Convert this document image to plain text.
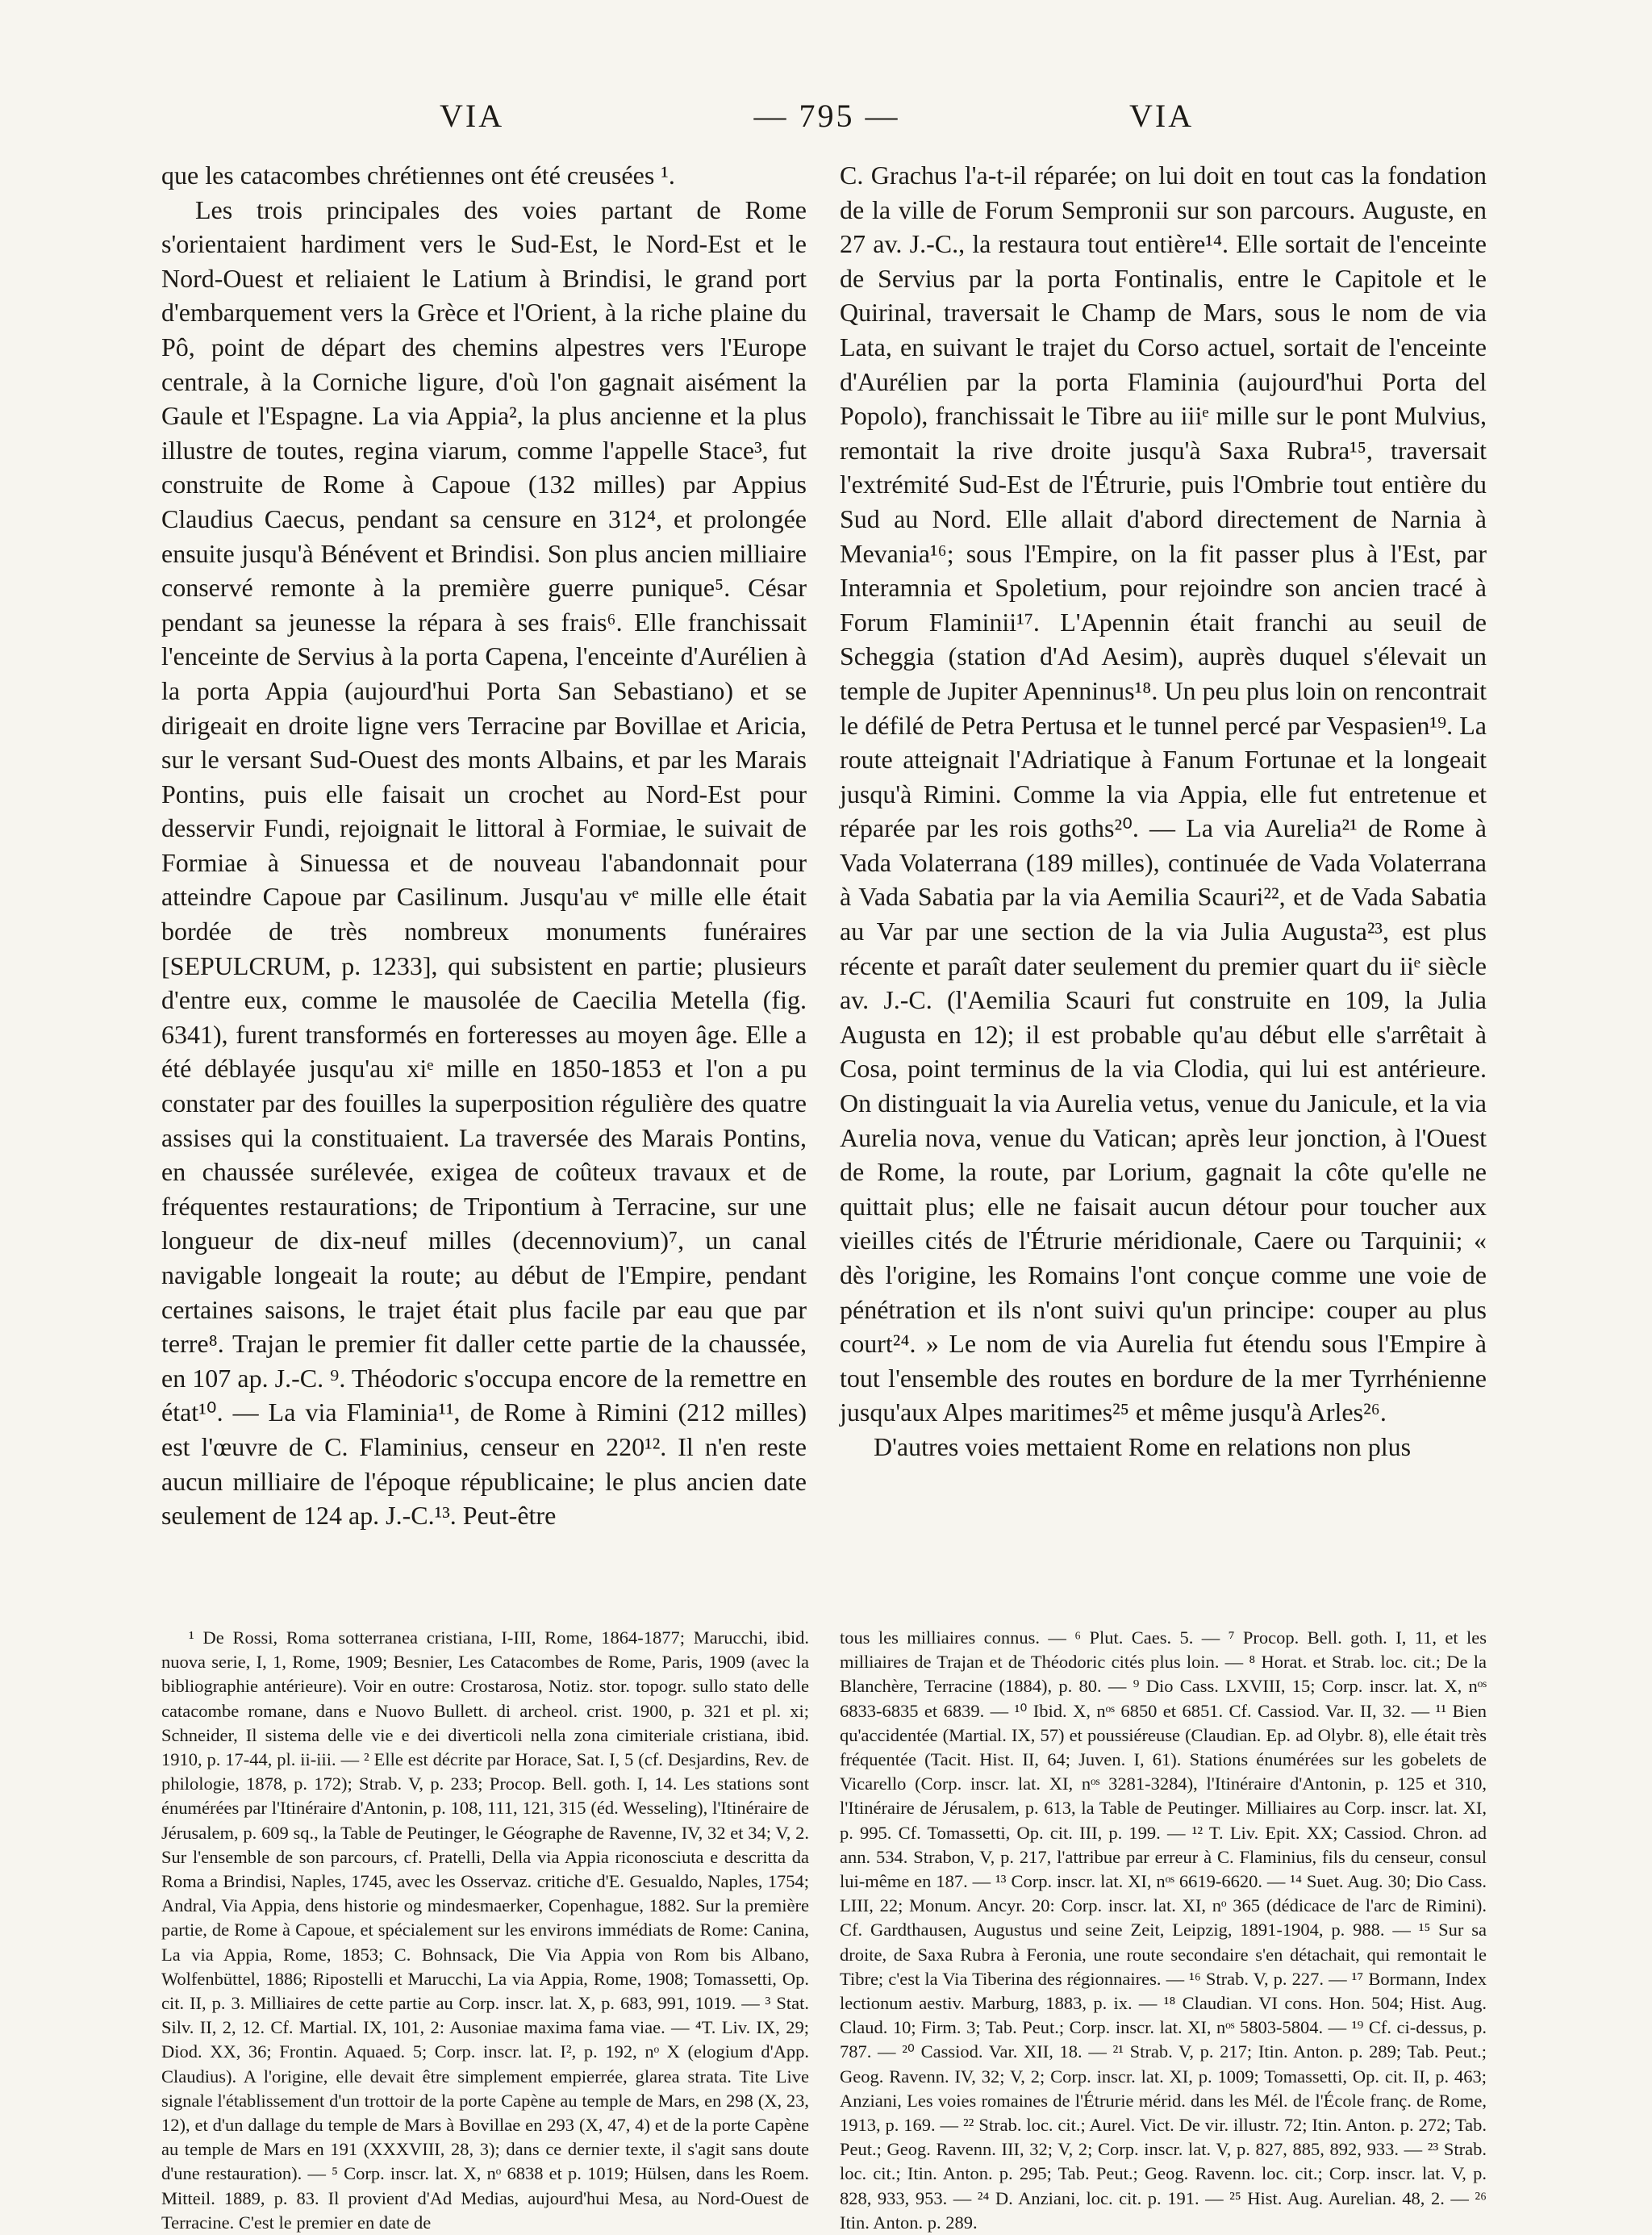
VIA	— 795 —	VIA

que les catacombes chrétiennes ont été creusées ¹.

Les trois principales des voies partant de Rome s'orientaient hardiment vers le Sud-Est, le Nord-Est et le Nord-Ouest et reliaient le Latium à Brindisi, le grand port d'embarquement vers la Grèce et l'Orient, à la riche plaine du Pô, point de départ des chemins alpestres vers l'Europe centrale, à la Corniche ligure, d'où l'on gagnait aisément la Gaule et l'Espagne. La via Appia², la plus ancienne et la plus illustre de toutes, regina viarum, comme l'appelle Stace³, fut construite de Rome à Capoue (132 milles) par Appius Claudius Caecus, pendant sa censure en 312⁴, et prolongée ensuite jusqu'à Bénévent et Brindisi. Son plus ancien milliaire conservé remonte à la première guerre punique⁵. César pendant sa jeunesse la répara à ses frais⁶. Elle franchissait l'enceinte de Servius à la porta Capena, l'enceinte d'Aurélien à la porta Appia (aujourd'hui Porta San Sebastiano) et se dirigeait en droite ligne vers Terracine par Bovillae et Aricia, sur le versant Sud-Ouest des monts Albains, et par les Marais Pontins, puis elle faisait un crochet au Nord-Est pour desservir Fundi, rejoignait le littoral à Formiae, le suivait de Formiae à Sinuessa et de nouveau l'abandonnait pour atteindre Capoue par Casilinum. Jusqu'au vᵉ mille elle était bordée de très nombreux monuments funéraires [SEPULCRUM, p. 1233], qui subsistent en partie; plusieurs d'entre eux, comme le mausolée de Caecilia Metella (fig. 6341), furent transformés en forteresses au moyen âge. Elle a été déblayée jusqu'au xiᵉ mille en 1850-1853 et l'on a pu constater par des fouilles la superposition régulière des quatre assises qui la constituaient. La traversée des Marais Pontins, en chaussée surélevée, exigea de coûteux travaux et de fréquentes restaurations; de Tripontium à Terracine, sur une longueur de dix-neuf milles (decennovium)⁷, un canal navigable longeait la route; au début de l'Empire, pendant certaines saisons, le trajet était plus facile par eau que par terre⁸. Trajan le premier fit daller cette partie de la chaussée, en 107 ap. J.-C. ⁹. Théodoric s'occupa encore de la remettre en état¹⁰. — La via Flaminia¹¹, de Rome à Rimini (212 milles) est l'œuvre de C. Flaminius, censeur en 220¹². Il n'en reste aucun milliaire de l'époque républicaine; le plus ancien date seulement de 124 ap. J.-C.¹³. Peut-être

C. Grachus l'a-t-il réparée; on lui doit en tout cas la fondation de la ville de Forum Sempronii sur son parcours. Auguste, en 27 av. J.-C., la restaura tout entière¹⁴. Elle sortait de l'enceinte de Servius par la porta Fontinalis, entre le Capitole et le Quirinal, traversait le Champ de Mars, sous le nom de via Lata, en suivant le trajet du Corso actuel, sortait de l'enceinte d'Aurélien par la porta Flaminia (aujourd'hui Porta del Popolo), franchissait le Tibre au iiiᵉ mille sur le pont Mulvius, remontait la rive droite jusqu'à Saxa Rubra¹⁵, traversait l'extrémité Sud-Est de l'Étrurie, puis l'Ombrie tout entière du Sud au Nord. Elle allait d'abord directement de Narnia à Mevania¹⁶; sous l'Empire, on la fit passer plus à l'Est, par Interamnia et Spoletium, pour rejoindre son ancien tracé à Forum Flaminii¹⁷. L'Apennin était franchi au seuil de Scheggia (station d'Ad Aesim), auprès duquel s'élevait un temple de Jupiter Apenninus¹⁸. Un peu plus loin on rencontrait le défilé de Petra Pertusa et le tunnel percé par Vespasien¹⁹. La route atteignait l'Adriatique à Fanum Fortunae et la longeait jusqu'à Rimini. Comme la via Appia, elle fut entretenue et réparée par les rois goths²⁰. — La via Aurelia²¹ de Rome à Vada Volaterrana (189 milles), continuée de Vada Volaterrana à Vada Sabatia par la via Aemilia Scauri²², et de Vada Sabatia au Var par une section de la via Julia Augusta²³, est plus récente et paraît dater seulement du premier quart du iiᵉ siècle av. J.-C. (l'Aemilia Scauri fut construite en 109, la Julia Augusta en 12); il est probable qu'au début elle s'arrêtait à Cosa, point terminus de la via Clodia, qui lui est antérieure. On distinguait la via Aurelia vetus, venue du Janicule, et la via Aurelia nova, venue du Vatican; après leur jonction, à l'Ouest de Rome, la route, par Lorium, gagnait la côte qu'elle ne quittait plus; elle ne faisait aucun détour pour toucher aux vieilles cités de l'Étrurie méridionale, Caere ou Tarquinii; « dès l'origine, les Romains l'ont conçue comme une voie de pénétration et ils n'ont suivi qu'un principe: couper au plus court²⁴. » Le nom de via Aurelia fut étendu sous l'Empire à tout l'ensemble des routes en bordure de la mer Tyrrhénienne jusqu'aux Alpes maritimes²⁵ et même jusqu'à Arles²⁶.

D'autres voies mettaient Rome en relations non plus

¹ De Rossi, Roma sotterranea cristiana, I-III, Rome, 1864-1877; Marucchi, ibid. nuova serie, I, 1, Rome, 1909; Besnier, Les Catacombes de Rome, Paris, 1909 (avec la bibliographie antérieure). Voir en outre: Crostarosa, Notiz. stor. topogr. sullo stato delle catacombe romane, dans e Nuovo Bullett. di archeol. crist. 1900, p. 321 et pl. xi; Schneider, Il sistema delle vie e dei diverticoli nella zona cimiteriale cristiana, ibid. 1910, p. 17-44, pl. ii-iii. — ² Elle est décrite par Horace, Sat. I, 5 (cf. Desjardins, Rev. de philologie, 1878, p. 172); Strab. V, p. 233; Procop. Bell. goth. I, 14. Les stations sont énumérées par l'Itinéraire d'Antonin, p. 108, 111, 121, 315 (éd. Wesseling), l'Itinéraire de Jérusalem, p. 609 sq., la Table de Peutinger, le Géographe de Ravenne, IV, 32 et 34; V, 2. Sur l'ensemble de son parcours, cf. Pratelli, Della via Appia riconosciuta e descritta da Roma a Brindisi, Naples, 1745, avec les Osservaz. critiche d'E. Gesualdo, Naples, 1754; Andral, Via Appia, dens historie og mindesmaerker, Copenhague, 1882. Sur la première partie, de Rome à Capoue, et spécialement sur les environs immédiats de Rome: Canina, La via Appia, Rome, 1853; C. Bohnsack, Die Via Appia von Rom bis Albano, Wolfenbüttel, 1886; Ripostelli et Marucchi, La via Appia, Rome, 1908; Tomassetti, Op. cit. II, p. 3. Milliaires de cette partie au Corp. inscr. lat. X, p. 683, 991, 1019. — ³ Stat. Silv. II, 2, 12. Cf. Martial. IX, 101, 2: Ausoniae maxima fama viae. — ⁴T. Liv. IX, 29; Diod. XX, 36; Frontin. Aquaed. 5; Corp. inscr. lat. I², p. 192, nᵒ X (elogium d'App. Claudius). A l'origine, elle devait être simplement empierrée, glarea strata. Tite Live signale l'établissement d'un trottoir de la porte Capène au temple de Mars, en 298 (X, 23, 12), et d'un dallage du temple de Mars à Bovillae en 293 (X, 47, 4) et de la porte Capène au temple de Mars en 191 (XXXVIII, 28, 3); dans ce dernier texte, il s'agit sans doute d'une restauration). — ⁵ Corp. inscr. lat. X, nᵒ 6838 et p. 1019; Hülsen, dans les Roem. Mitteil. 1889, p. 83. Il provient d'Ad Medias, aujourd'hui Mesa, au Nord-Ouest de Terracine. C'est le premier en date de

tous les milliaires connus. — ⁶ Plut. Caes. 5. — ⁷ Procop. Bell. goth. I, 11, et les milliaires de Trajan et de Théodoric cités plus loin. — ⁸ Horat. et Strab. loc. cit.; De la Blanchère, Terracine (1884), p. 80. — ⁹ Dio Cass. LXVIII, 15; Corp. inscr. lat. X, nᵒˢ 6833-6835 et 6839. — ¹⁰ Ibid. X, nᵒˢ 6850 et 6851. Cf. Cassiod. Var. II, 32. — ¹¹ Bien qu'accidentée (Martial. IX, 57) et poussiéreuse (Claudian. Ep. ad Olybr. 8), elle était très fréquentée (Tacit. Hist. II, 64; Juven. I, 61). Stations énumérées sur les gobelets de Vicarello (Corp. inscr. lat. XI, nᵒˢ 3281-3284), l'Itinéraire d'Antonin, p. 125 et 310, l'Itinéraire de Jérusalem, p. 613, la Table de Peutinger. Milliaires au Corp. inscr. lat. XI, p. 995. Cf. Tomassetti, Op. cit. III, p. 199. — ¹² T. Liv. Epit. XX; Cassiod. Chron. ad ann. 534. Strabon, V, p. 217, l'attribue par erreur à C. Flaminius, fils du censeur, consul lui-même en 187. — ¹³ Corp. inscr. lat. XI, nᵒˢ 6619-6620. — ¹⁴ Suet. Aug. 30; Dio Cass. LIII, 22; Monum. Ancyr. 20: Corp. inscr. lat. XI, nᵒ 365 (dédicace de l'arc de Rimini). Cf. Gardthausen, Augustus und seine Zeit, Leipzig, 1891-1904, p. 988. — ¹⁵ Sur sa droite, de Saxa Rubra à Feronia, une route secondaire s'en détachait, qui remontait le Tibre; c'est la Via Tiberina des régionnaires. — ¹⁶ Strab. V, p. 227. — ¹⁷ Bormann, Index lectionum aestiv. Marburg, 1883, p. ix. — ¹⁸ Claudian. VI cons. Hon. 504; Hist. Aug. Claud. 10; Firm. 3; Tab. Peut.; Corp. inscr. lat. XI, nᵒˢ 5803-5804. — ¹⁹ Cf. ci-dessus, p. 787. — ²⁰ Cassiod. Var. XII, 18. — ²¹ Strab. V, p. 217; Itin. Anton. p. 289; Tab. Peut.; Geog. Ravenn. IV, 32; V, 2; Corp. inscr. lat. XI, p. 1009; Tomassetti, Op. cit. II, p. 463; Anziani, Les voies romaines de l'Étrurie mérid. dans les Mél. de l'École franç. de Rome, 1913, p. 169. — ²² Strab. loc. cit.; Aurel. Vict. De vir. illustr. 72; Itin. Anton. p. 272; Tab. Peut.; Geog. Ravenn. III, 32; V, 2; Corp. inscr. lat. V, p. 827, 885, 892, 933. — ²³ Strab. loc. cit.; Itin. Anton. p. 295; Tab. Peut.; Geog. Ravenn. loc. cit.; Corp. inscr. lat. V, p. 828, 933, 953. — ²⁴ D. Anziani, loc. cit. p. 191. — ²⁵ Hist. Aug. Aurelian. 48, 2. — ²⁶ Itin. Anton. p. 289.
